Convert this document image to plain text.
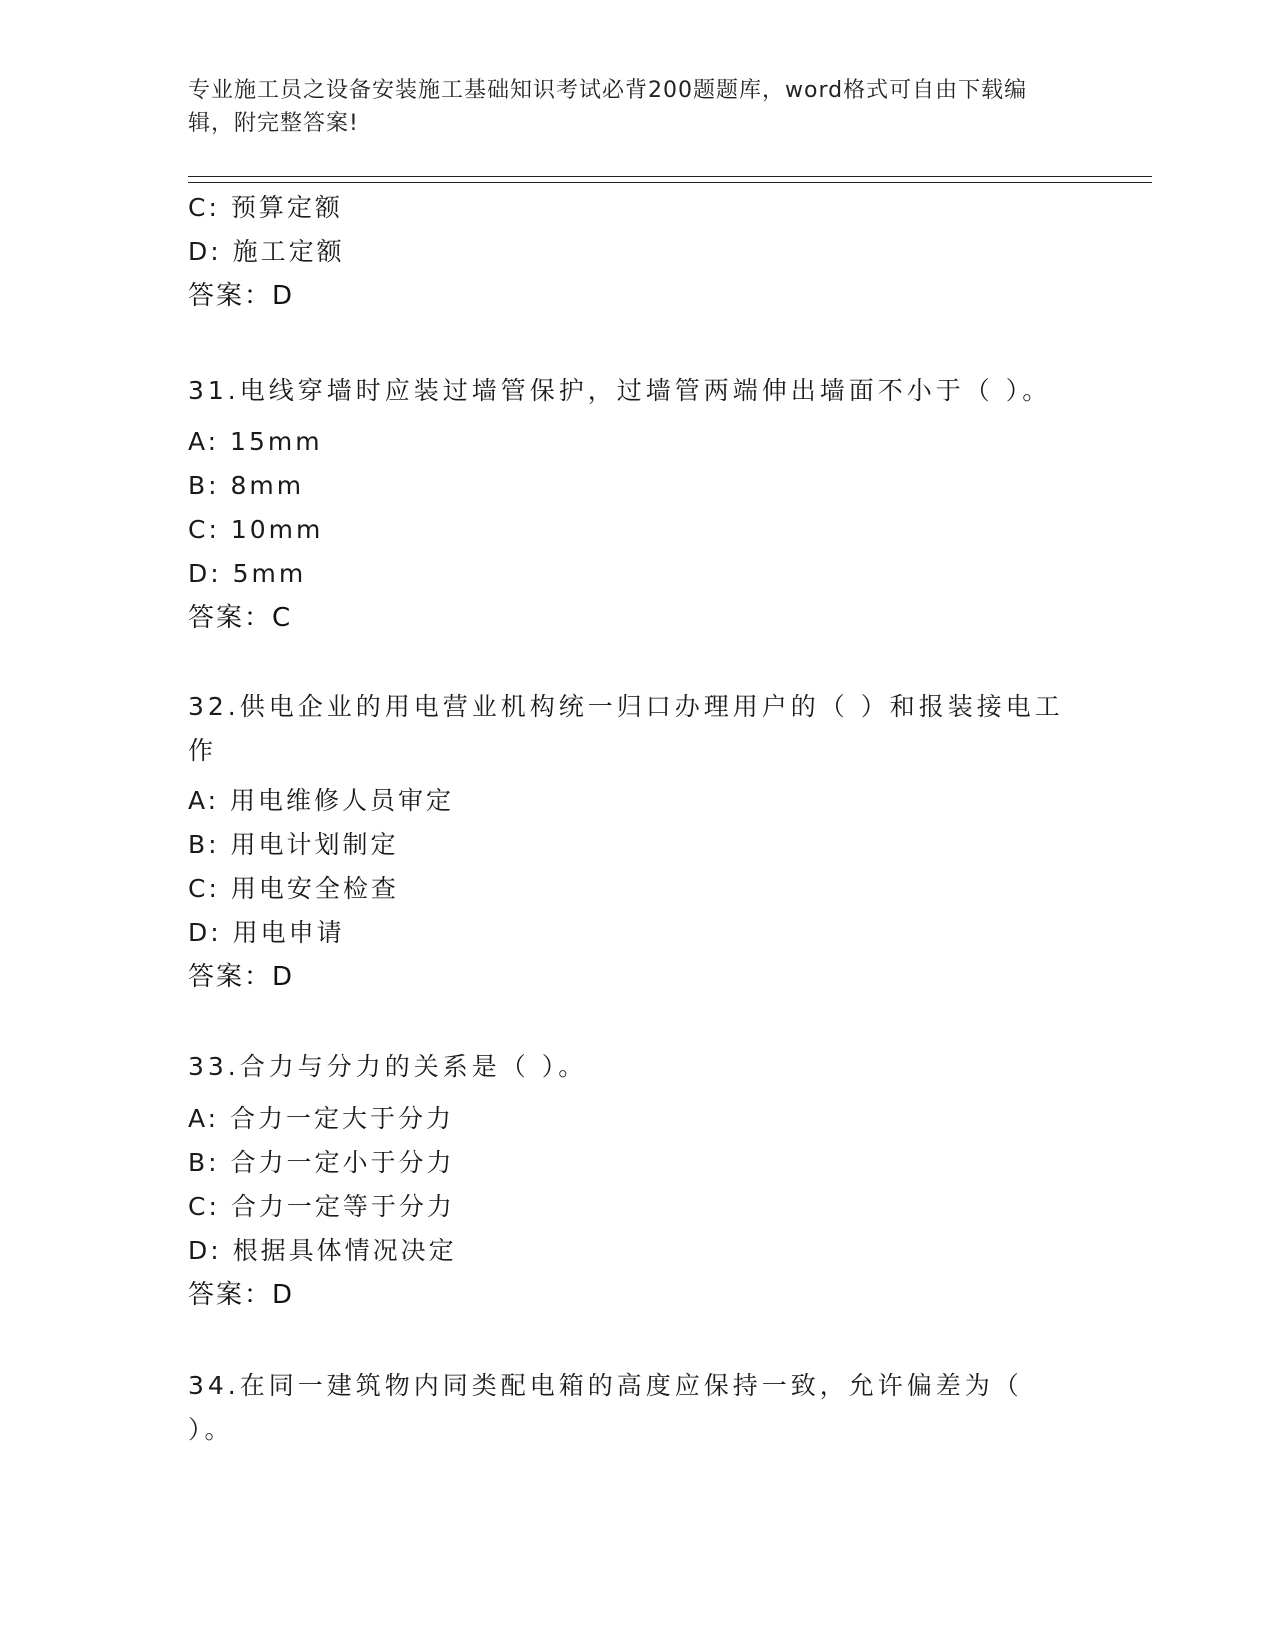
专业施工员之设备安装施工基础知识考试必背200题题库，word格式可自由下载编辑，附完整答案!
C: 预算定额
D: 施工定额
答案：D
31.电线穿墙时应装过墙管保护，过墙管两端伸出墙面不小于（ ）。
A: 15mm
B: 8mm
C: 10mm
D: 5mm
答案：C
32.供电企业的用电营业机构统一归口办理用户的（ ）和报装接电工作
A: 用电维修人员审定
B: 用电计划制定
C: 用电安全检查
D: 用电申请
答案：D
33.合力与分力的关系是（ ）。
A: 合力一定大于分力
B: 合力一定小于分力
C: 合力一定等于分力
D: 根据具体情况决定
答案：D
34.在同一建筑物内同类配电箱的高度应保持一致，允许偏差为（ ）。
